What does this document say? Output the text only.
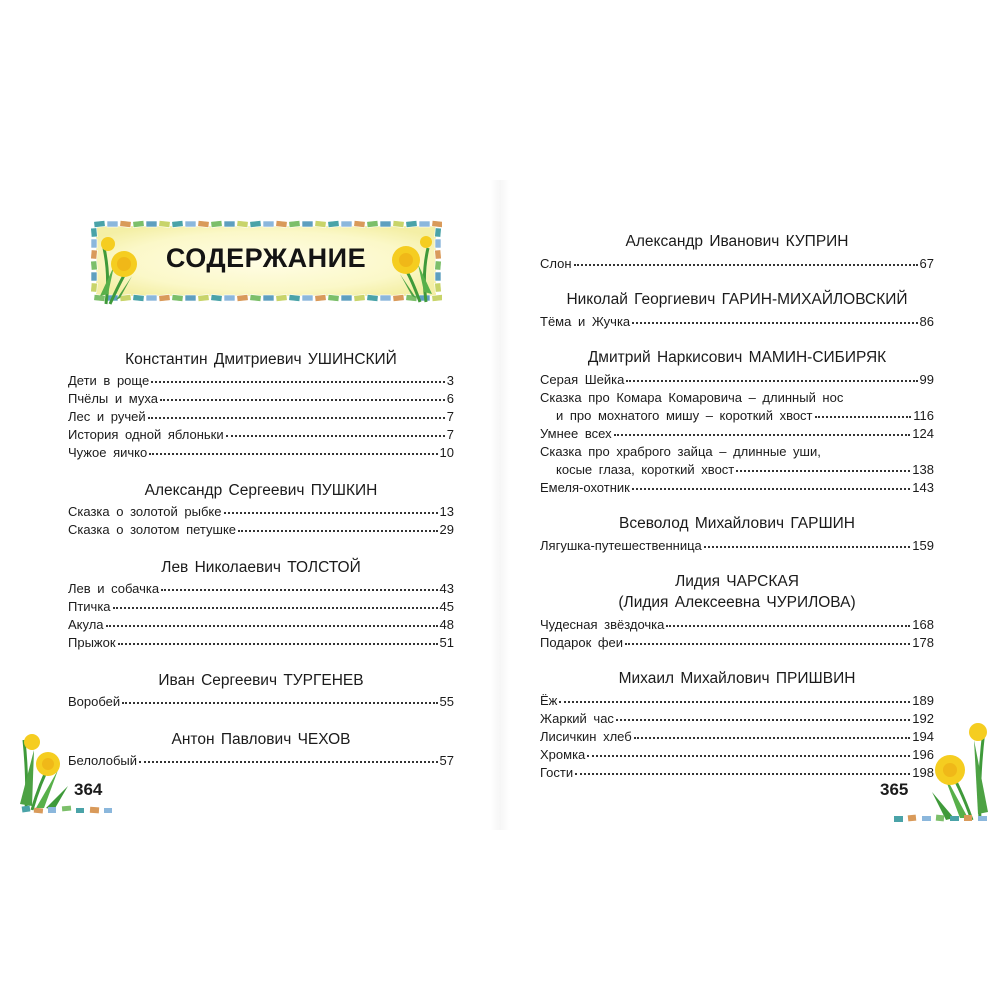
СОДЕРЖАНИЕ
Константин Дмитриевич УШИНСКИЙ
Дети в роще	3
Пчёлы и муха	6
Лес и ручей	7
История одной яблоньки	7
Чужое яичко	10
Александр Сергеевич ПУШКИН
Сказка о золотой рыбке	13
Сказка о золотом петушке	29
Лев Николаевич ТОЛСТОЙ
Лев и собачка	43
Птичка	45
Акула	48
Прыжок	51
Иван Сергеевич ТУРГЕНЕВ
Воробей	55
Антон Павлович ЧЕХОВ
Белолобый	57
Александр Иванович КУПРИН
Слон	67
Николай Георгиевич ГАРИН-МИХАЙЛОВСКИЙ
Тёма и Жучка	86
Дмитрий Наркисович МАМИН-СИБИРЯК
Серая Шейка	99
Сказка про Комара Комаровича – длинный нос
и про мохнатого мишу – короткий хвост	116
Умнее всех	124
Сказка про храброго зайца – длинные уши,
косые глаза, короткий хвост	138
Емеля-охотник	143
Всеволод Михайлович ГАРШИН
Лягушка-путешественница	159
Лидия ЧАРСКАЯ
(Лидия Алексеевна ЧУРИЛОВА)
Чудесная звёздочка	168
Подарок феи	178
Михаил Михайлович ПРИШВИН
Ёж	189
Жаркий час	192
Лисичкин хлеб	194
Хромка	196
Гости	198
364	365
